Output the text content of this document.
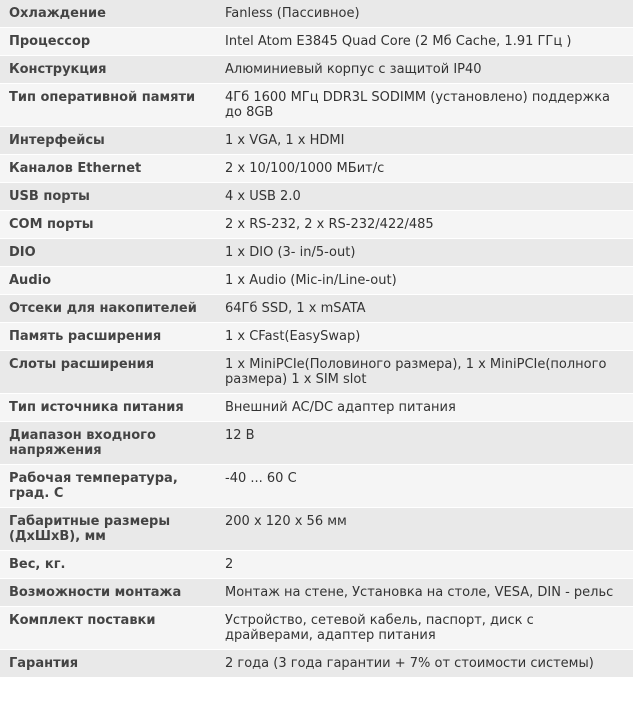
Охлаждение	Fanless (Пассивное)
Процессор	Intel Atom E3845 Quad Core (2 Мб Cache, 1.91 ГГц )
Конструкция	Алюминиевый корпус с защитой IP40
Тип оперативной памяти	4Гб 1600 МГц DDR3L SODIMM (установлено) поддержка до 8GB
Интерфейсы	1 x VGA, 1 x HDMI
Каналов Ethernet	2 x 10/100/1000 МБит/с
USB порты	4 x USB 2.0
COM порты	2 x RS-232, 2 x RS-232/422/485
DIO	1 x DIO (3- in/5-out)
Audio	1 x Audio (Mic-in/Line-out)
Отсеки для накопителей	64Гб SSD, 1 x mSATA
Память расширения	1 x CFast(EasySwap)
Слоты расширения	1 x MiniPCIe(Половиного размера), 1 x MiniPCIe(полного размера) 1 x SIM slot
Тип источника питания	Внешний AC/DC адаптер питания
Диапазон входного напряжения	12 В
Рабочая температура, град. С	-40 ... 60 С
Габаритные размеры (ДхШхВ), мм	200 x 120 x 56 мм
Вес, кг.	2
Возможности монтажа	Монтаж на стене, Установка на столе, VESA, DIN - рельс
Комплект поставки	Устройство, сетевой кабель, паспорт, диск с драйверами, адаптер питания
Гарантия	2 года (3 года гарантии + 7% от стоимости системы)
